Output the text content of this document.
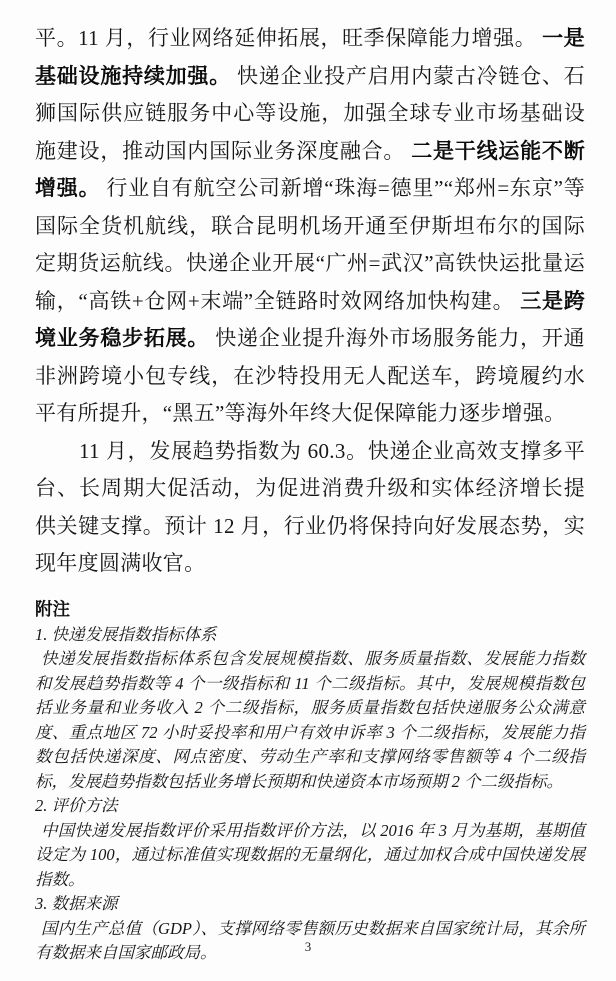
平。11 月，行业网络延伸拓展，旺季保障能力增强。 一是基础设施持续加强。 快递企业投产启用内蒙古冷链仓、石狮国际供应链服务中心等设施，加强全球专业市场基础设施建设，推动国内国际业务深度融合。 二是干线运能不断增强。 行业自有航空公司新增“珠海=德里”“郑州=东京”等国际全货机航线，联合昆明机场开通至伊斯坦布尔的国际定期货运航线。快递企业开展“广州=武汉”高铁快运批量运输，“高铁+仓网+末端”全链路时效网络加快构建。 三是跨境业务稳步拓展。 快递企业提升海外市场服务能力，开通非洲跨境小包专线，在沙特投用无人配送车，跨境履约水平有所提升，“黑五”等海外年终大促保障能力逐步增强。

11 月，发展趋势指数为 60.3。快递企业高效支撑多平台、长周期大促活动，为促进消费升级和实体经济增长提供关键支撑。预计 12 月，行业仍将保持向好发展态势，实现年度圆满收官。

附注
1. 快递发展指数指标体系

快递发展指数指标体系包含发展规模指数、服务质量指数、发展能力指数和发展趋势指数等 4 个一级指标和 11 个二级指标。其中，发展规模指数包括业务量和业务收入 2 个二级指标，服务质量指数包括快递服务公众满意度、重点地区 72 小时妥投率和用户有效申诉率 3 个二级指标，发展能力指数包括快递深度、网点密度、劳动生产率和支撑网络零售额等 4 个二级指标，发展趋势指数包括业务增长预期和快递资本市场预期 2 个二级指标。

2. 评价方法

中国快递发展指数评价采用指数评价方法，以 2016 年 3 月为基期，基期值设定为 100，通过标准值实现数据的无量纲化，通过加权合成中国快递发展指数。

3. 数据来源

国内生产总值（GDP）、支撑网络零售额历史数据来自国家统计局，其余所有数据来自国家邮政局。	3
